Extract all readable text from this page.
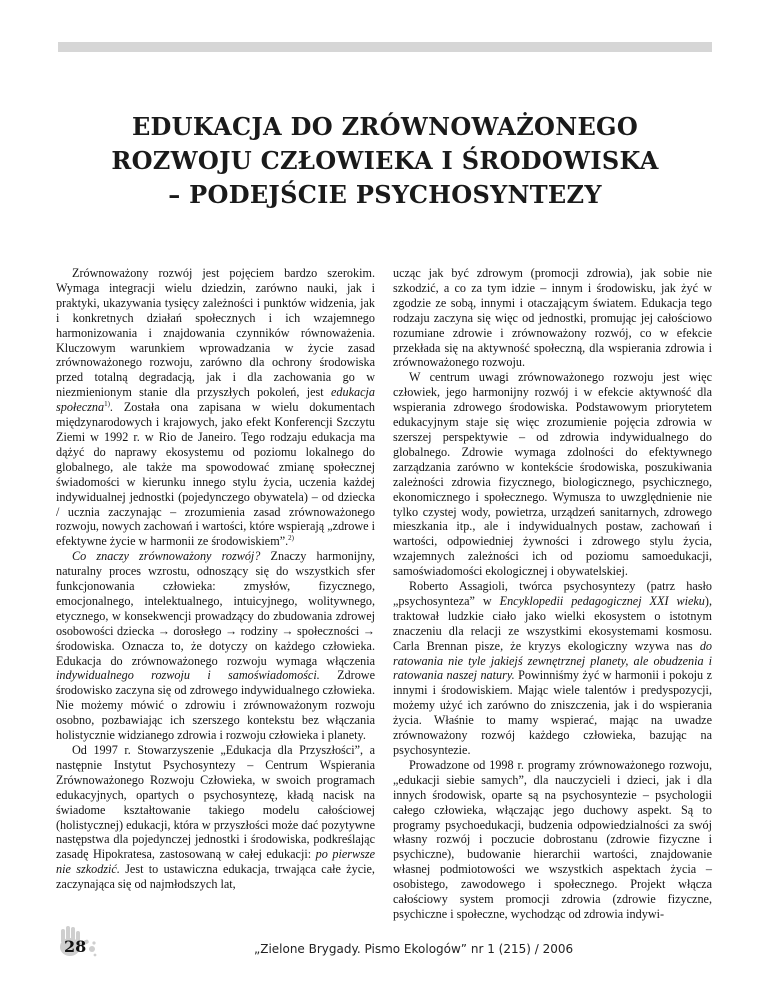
EDUKACJA DO ZRÓWNOWAŻONEGO
ROZWOJU CZŁOWIEKA I ŚRODOWISKA
– PODEJŚCIE PSYCHOSYNTEZY

Zrównoważony rozwój jest pojęciem bardzo szerokim. Wymaga integracji wielu dziedzin, zarówno nauki, jak i praktyki, ukazywania tysięcy zależności i punktów widzenia, jak i konkretnych działań społecznych i ich wzajemnego harmonizowania i znajdowania czynników równoważenia. Kluczowym warunkiem wprowadzania w życie zasad zrównoważonego rozwoju, zarówno dla ochrony środowiska przed totalną degradacją, jak i dla zachowania go w niezmienionym stanie dla przyszłych pokoleń, jest edukacja społeczna$^{1)}$. Została ona zapisana w wielu dokumentach międzynarodowych i krajowych, jako efekt Konferencji Szczytu Ziemi w 1992 r. w Rio de Janeiro. Tego rodzaju edukacja ma dążyć do naprawy ekosystemu od poziomu lokalnego do globalnego, ale także ma spowodować zmianę społecznej świadomości w kierunku innego stylu życia, uczenia każdej indywidualnej jednostki (pojedynczego obywatela) – od dziecka / ucznia zaczynając – zrozumienia zasad zrównoważonego rozwoju, nowych zachowań i wartości, które wspierają „zdrowe i efektywne życie w harmonii ze środowiskiem”.$^{2)}$

Co znaczy zrównoważony rozwój? Znaczy harmonijny, naturalny proces wzrostu, odnoszący się do wszystkich sfer funkcjonowania człowieka: zmysłów, fizycznego, emocjonalnego, intelektualnego, intuicyjnego, wolitywnego, etycznego, w konsekwencji prowadzący do zbudowania zdrowej osobowości dziecka → dorosłego → rodziny → społeczności → środowiska. Oznacza to, że dotyczy on każdego człowieka. Edukacja do zrównoważonego rozwoju wymaga włączenia indywidualnego rozwoju i samoświadomości. Zdrowe środowisko zaczyna się od zdrowego indywidualnego człowieka. Nie możemy mówić o zdrowiu i zrównoważonym rozwoju osobno, pozbawiając ich szerszego kontekstu bez włączania holistycznie widzianego zdrowia i rozwoju człowieka i planety.

Od 1997 r. Stowarzyszenie „Edukacja dla Przyszłości”, a następnie Instytut Psychosyntezy – Centrum Wspierania Zrównoważonego Rozwoju Człowieka, w swoich programach edukacyjnych, opartych o psychosyntezę, kładą nacisk na świadome kształtowanie takiego modelu całościowej (holistycznej) edukacji, która w przyszłości może dać pozytywne następstwa dla pojedynczej jednostki i środowiska, podkreślając zasadę Hipokratesa, zastosowaną w całej edukacji: po pierwsze nie szkodzić. Jest to ustawiczna edukacja, trwająca całe życie, zaczynająca się od najmłodszych lat,

ucząc jak być zdrowym (promocji zdrowia), jak sobie nie szkodzić, a co za tym idzie – innym i środowisku, jak żyć w zgodzie ze sobą, innymi i otaczającym światem. Edukacja tego rodzaju zaczyna się więc od jednostki, promując jej całościowo rozumiane zdrowie i zrównoważony rozwój, co w efekcie przekłada się na aktywność społeczną, dla wspierania zdrowia i zrównoważonego rozwoju.

W centrum uwagi zrównoważonego rozwoju jest więc człowiek, jego harmonijny rozwój i w efekcie aktywność dla wspierania zdrowego środowiska. Podstawowym priorytetem edukacyjnym staje się więc zrozumienie pojęcia zdrowia w szerszej perspektywie – od zdrowia indywidualnego do globalnego. Zdrowie wymaga zdolności do efektywnego zarządzania zarówno w kontekście środowiska, poszukiwania zależności zdrowia fizycznego, biologicznego, psychicznego, ekonomicznego i społecznego. Wymusza to uwzględnienie nie tylko czystej wody, powietrza, urządzeń sanitarnych, zdrowego mieszkania itp., ale i indywidualnych postaw, zachowań i wartości, odpowiedniej żywności i zdrowego stylu życia, wzajemnych zależności ich od poziomu samoedukacji, samoświadomości ekologicznej i obywatelskiej.

Roberto Assagioli, twórca psychosyntezy (patrz hasło „psychosynteza” w Encyklopedii pedagogicznej XXI wieku), traktował ludzkie ciało jako wielki ekosystem o istotnym znaczeniu dla relacji ze wszystkimi ekosystemami kosmosu. Carla Brennan pisze, że kryzys ekologiczny wzywa nas do ratowania nie tyle jakiejś zewnętrznej planety, ale obudzenia i ratowania naszej natury. Powinniśmy żyć w harmonii i pokoju z innymi i środowiskiem. Mając wiele talentów i predyspozycji, możemy użyć ich zarówno do zniszczenia, jak i do wspierania życia. Właśnie to mamy wspierać, mając na uwadze zrównoważony rozwój każdego człowieka, bazując na psychosyntezie.

Prowadzone od 1998 r. programy zrównoważonego rozwoju, „edukacji siebie samych”, dla nauczycieli i dzieci, jak i dla innych środowisk, oparte są na psychosyntezie – psychologii całego człowieka, włączając jego duchowy aspekt. Są to programy psychoedukacji, budzenia odpowiedzialności za swój własny rozwój i poczucie dobrostanu (zdrowie fizyczne i psychiczne), budowanie hierarchii wartości, znajdowanie własnej podmiotowości we wszystkich aspektach życia – osobistego, zawodowego i społecznego. Projekt włącza całościowy system promocji zdrowia (zdrowie fizyczne, psychiczne i społeczne, wychodząc od zdrowia indywi-

28	„Zielone Brygady. Pismo Ekologów” nr 1 (215) / 2006
